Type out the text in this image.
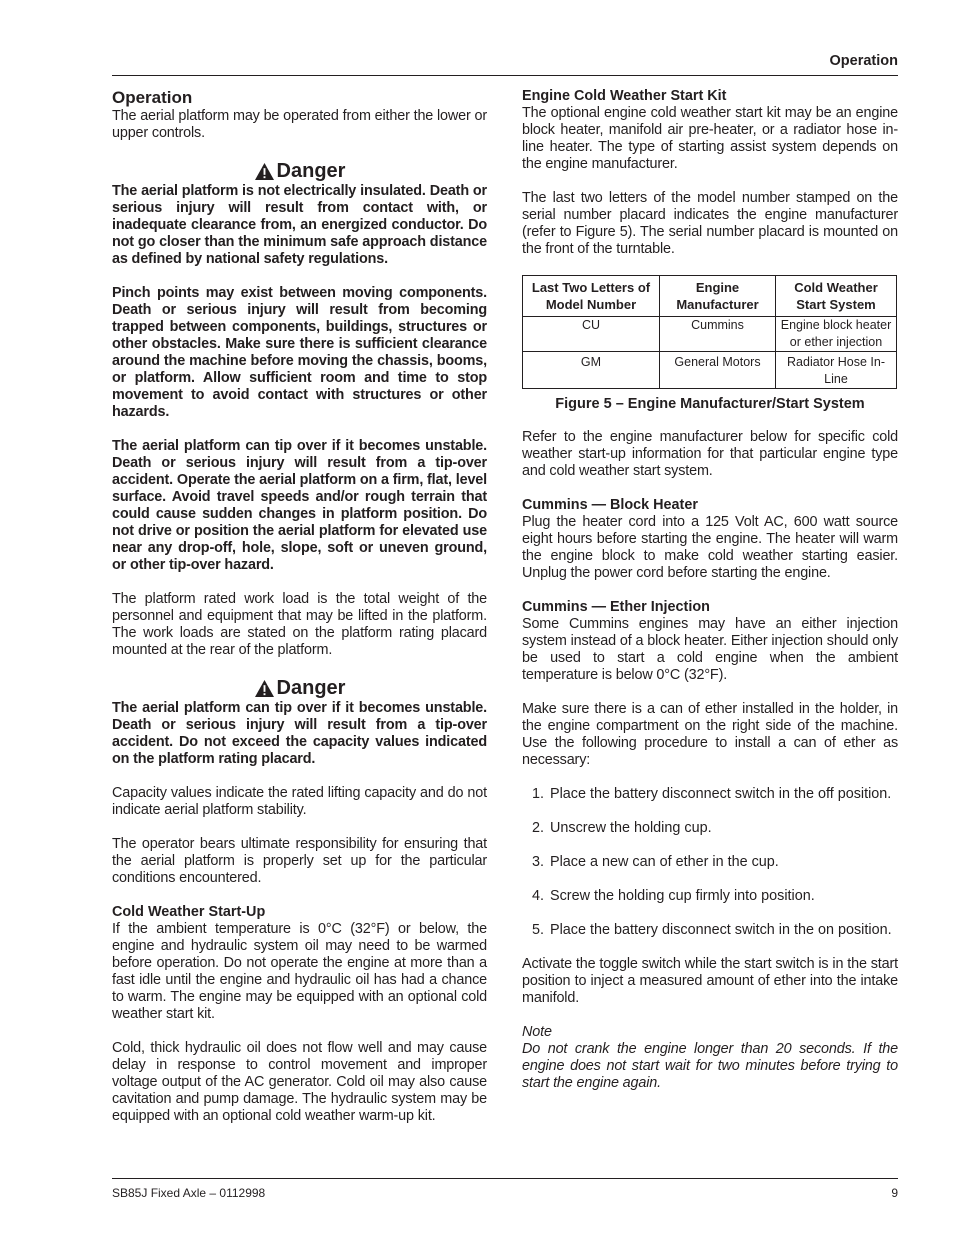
Operation
Operation

The aerial platform may be operated from either the lower or upper controls.

Danger

The aerial platform is not electrically insulated. Death or serious injury will result from contact with, or inadequate clearance from, an energized conductor. Do not go closer than the minimum safe approach distance as defined by national safety regulations.

Pinch points may exist between moving components. Death or serious injury will result from becoming trapped between components, buildings, structures or other obstacles. Make sure there is sufficient clearance around the machine before moving the chassis, booms, or platform. Allow sufficient room and time to stop movement to avoid contact with structures or other hazards.

The aerial platform can tip over if it becomes unstable. Death or serious injury will result from a tip-over accident. Operate the aerial platform on a firm, flat, level surface. Avoid travel speeds and/or rough terrain that could cause sudden changes in platform position. Do not drive or position the aerial platform for elevated use near any drop-off, hole, slope, soft or uneven ground, or other tip-over hazard.

The platform rated work load is the total weight of the personnel and equipment that may be lifted in the platform. The work loads are stated on the platform rating placard mounted at the rear of the platform.

Danger

The aerial platform can tip over if it becomes unstable. Death or serious injury will result from a tip-over accident. Do not exceed the capacity values indicated on the platform rating placard.

Capacity values indicate the rated lifting capacity and do not indicate aerial platform stability.

The operator bears ultimate responsibility for ensuring that the aerial platform is properly set up for the particular conditions encountered.

Cold Weather Start-Up

If the ambient temperature is 0°C (32°F) or below, the engine and hydraulic system oil may need to be warmed before operation. Do not operate the engine at more than a fast idle until the engine and hydraulic oil has had a chance to warm. The engine may be equipped with an optional cold weather start kit.

Cold, thick hydraulic oil does not flow well and may cause delay in response to control movement and improper voltage output of the AC generator. Cold oil may also cause cavitation and pump damage. The hydraulic system may be equipped with an optional cold weather warm-up kit.

Engine Cold Weather Start Kit

The optional engine cold weather start kit may be an engine block heater, manifold air pre-heater, or a radiator hose in-line heater. The type of starting assist system depends on the engine manufacturer.

The last two letters of the model number stamped on the serial number placard indicates the engine manufacturer (refer to Figure 5). The serial number placard is mounted on the front of the turntable.

Last Two Letters of Model Number	Engine Manufacturer	Cold Weather Start System
CU	Cummins	Engine block heater or ether injection
GM	General Motors	Radiator Hose In-Line
Figure 5 – Engine Manufacturer/Start System

Refer to the engine manufacturer below for specific cold weather start-up information for that particular engine type and cold weather start system.

Cummins — Block Heater

Plug the heater cord into a 125 Volt AC, 600 watt source eight hours before starting the engine. The heater will warm the engine block to make cold weather starting easier. Unplug the power cord before starting the engine.

Cummins — Ether Injection

Some Cummins engines may have an either injection system instead of a block heater. Either injection should only be used to start a cold engine when the ambient temperature is below 0°C (32°F).

Make sure there is a can of ether installed in the holder, in the engine compartment on the right side of the machine. Use the following procedure to install a can of ether as necessary:

1. Place the battery disconnect switch in the off position.
2. Unscrew the holding cup.
3. Place a new can of ether in the cup.
4. Screw the holding cup firmly into position.
5. Place the battery disconnect switch in the on position.

Activate the toggle switch while the start switch is in the start position to inject a measured amount of ether into the intake manifold.

Note

Do not crank the engine longer than 20 seconds. If the engine does not start wait for two minutes before trying to start the engine again.

SB85J Fixed Axle – 0112998	9
